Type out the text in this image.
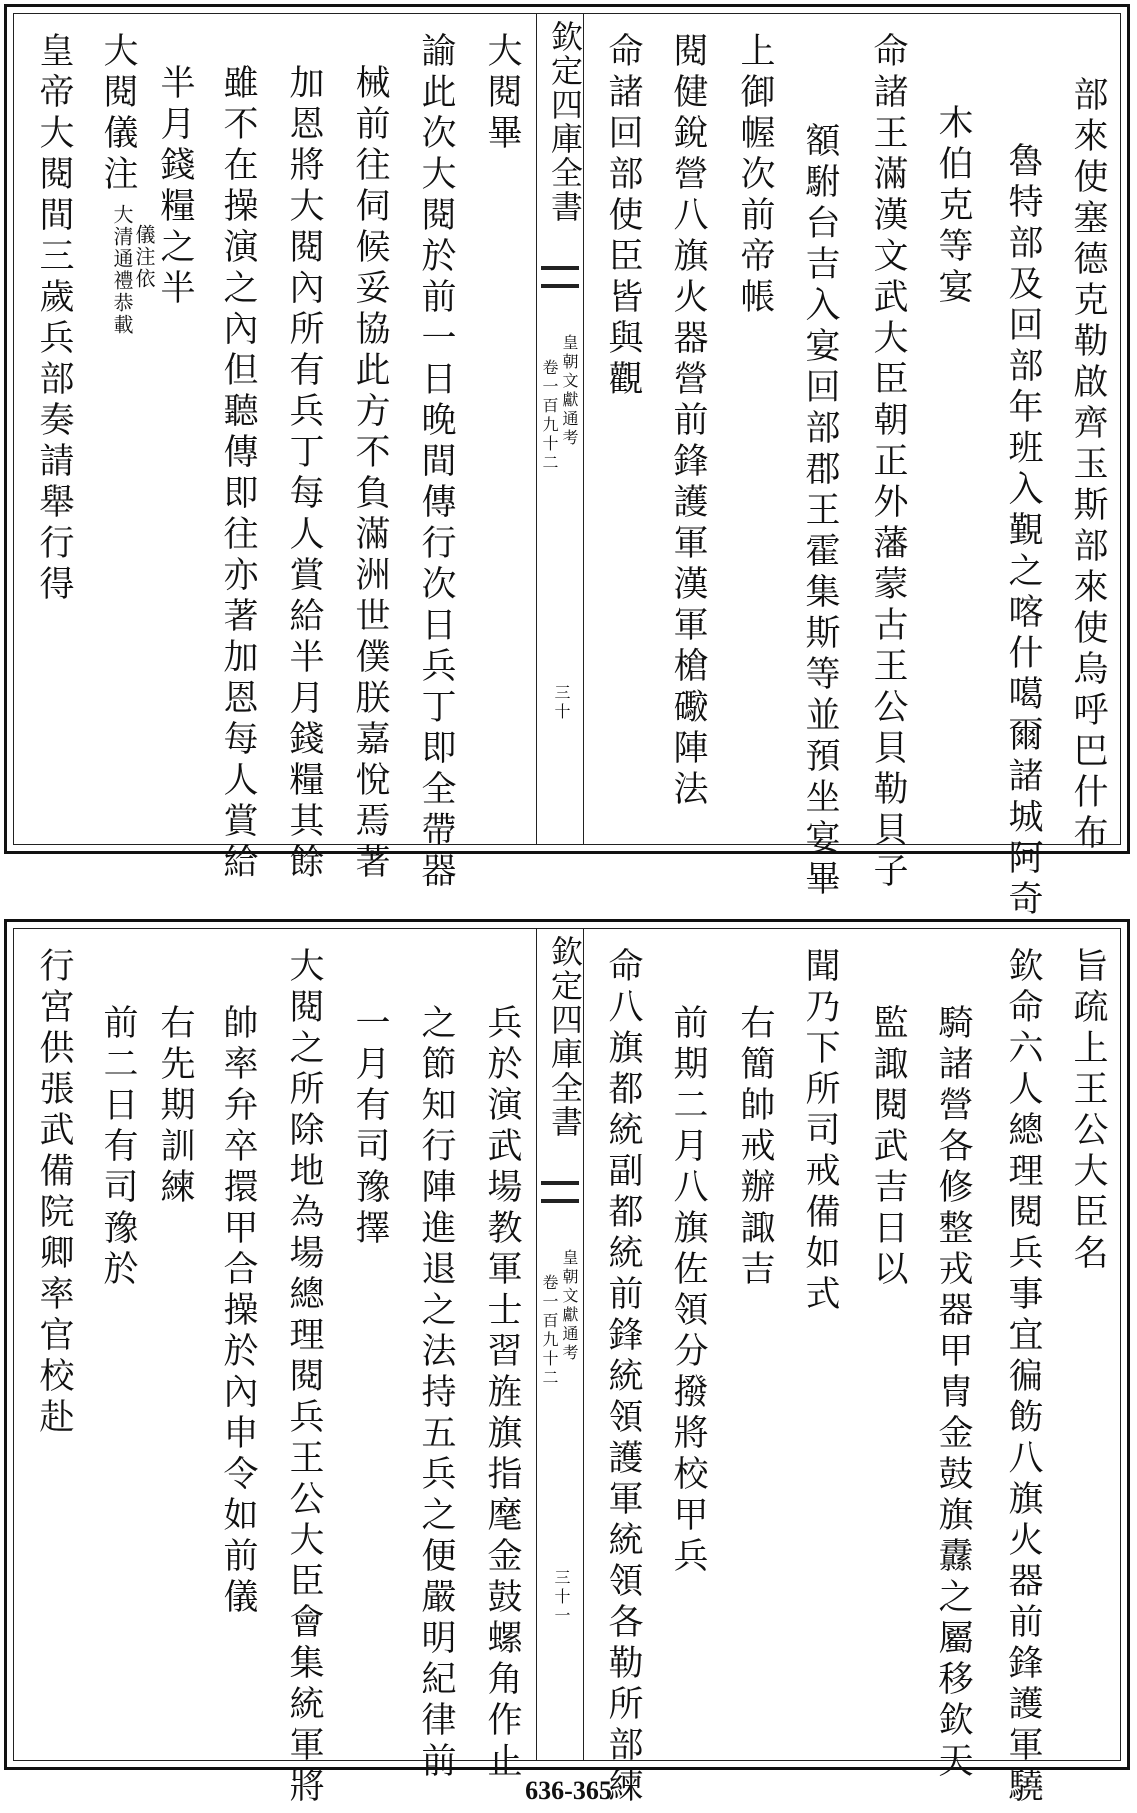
部來使塞德克勒啟齊玉斯部來使烏呼巴什布
魯特部及回部年班入覲之喀什噶爾諸城阿奇
木伯克等宴
命諸王滿漢文武大臣朝正外藩蒙古王公貝勒貝子
額駙台吉入宴回部郡王霍集斯等並預坐宴畢
上御幄次前帝帳
閱健銳營八旗火器營前鋒護軍漢軍槍礮陣法
命諸回部使臣皆與觀
欽定四庫全書
皇朝文獻通考
卷一百九十二
三十
大閱畢
諭此次大閱於前一日晚間傳行次日兵丁即全帶器
械前往伺候妥協此方不負滿洲世僕朕嘉悅焉著
加恩將大閱內所有兵丁每人賞給半月錢糧其餘
雖不在操演之內但聽傳即往亦著加恩每人賞給
半月錢糧之半
大閱儀注
大清通禮恭載
儀注依
皇帝大閱間三歲兵部奏請舉行得
旨疏上王公大臣名
欽命六人總理閱兵事宜徧飭八旗火器前鋒護軍驍
騎諸營各修整戎器甲冑金鼓旗纛之屬移欽天
監諏閱武吉日以
聞乃下所司戒備如式
右簡帥戒辦諏吉
前期二月八旗佐領分撥將校甲兵
命八旗都統副都統前鋒統領護軍統領各勒所部練
欽定四庫全書
皇朝文獻通考
卷一百九十二
三十一
兵於演武場教軍士習旌旗指麾金鼓螺角作止
之節知行陣進退之法持五兵之便嚴明紀律前
一月有司豫擇
大閱之所除地為場總理閱兵王公大臣會集統軍將
帥率弁卒擐甲合操於內申令如前儀
右先期訓練
前二日有司豫於
行宮供張武備院卿率官校赴
636-365
